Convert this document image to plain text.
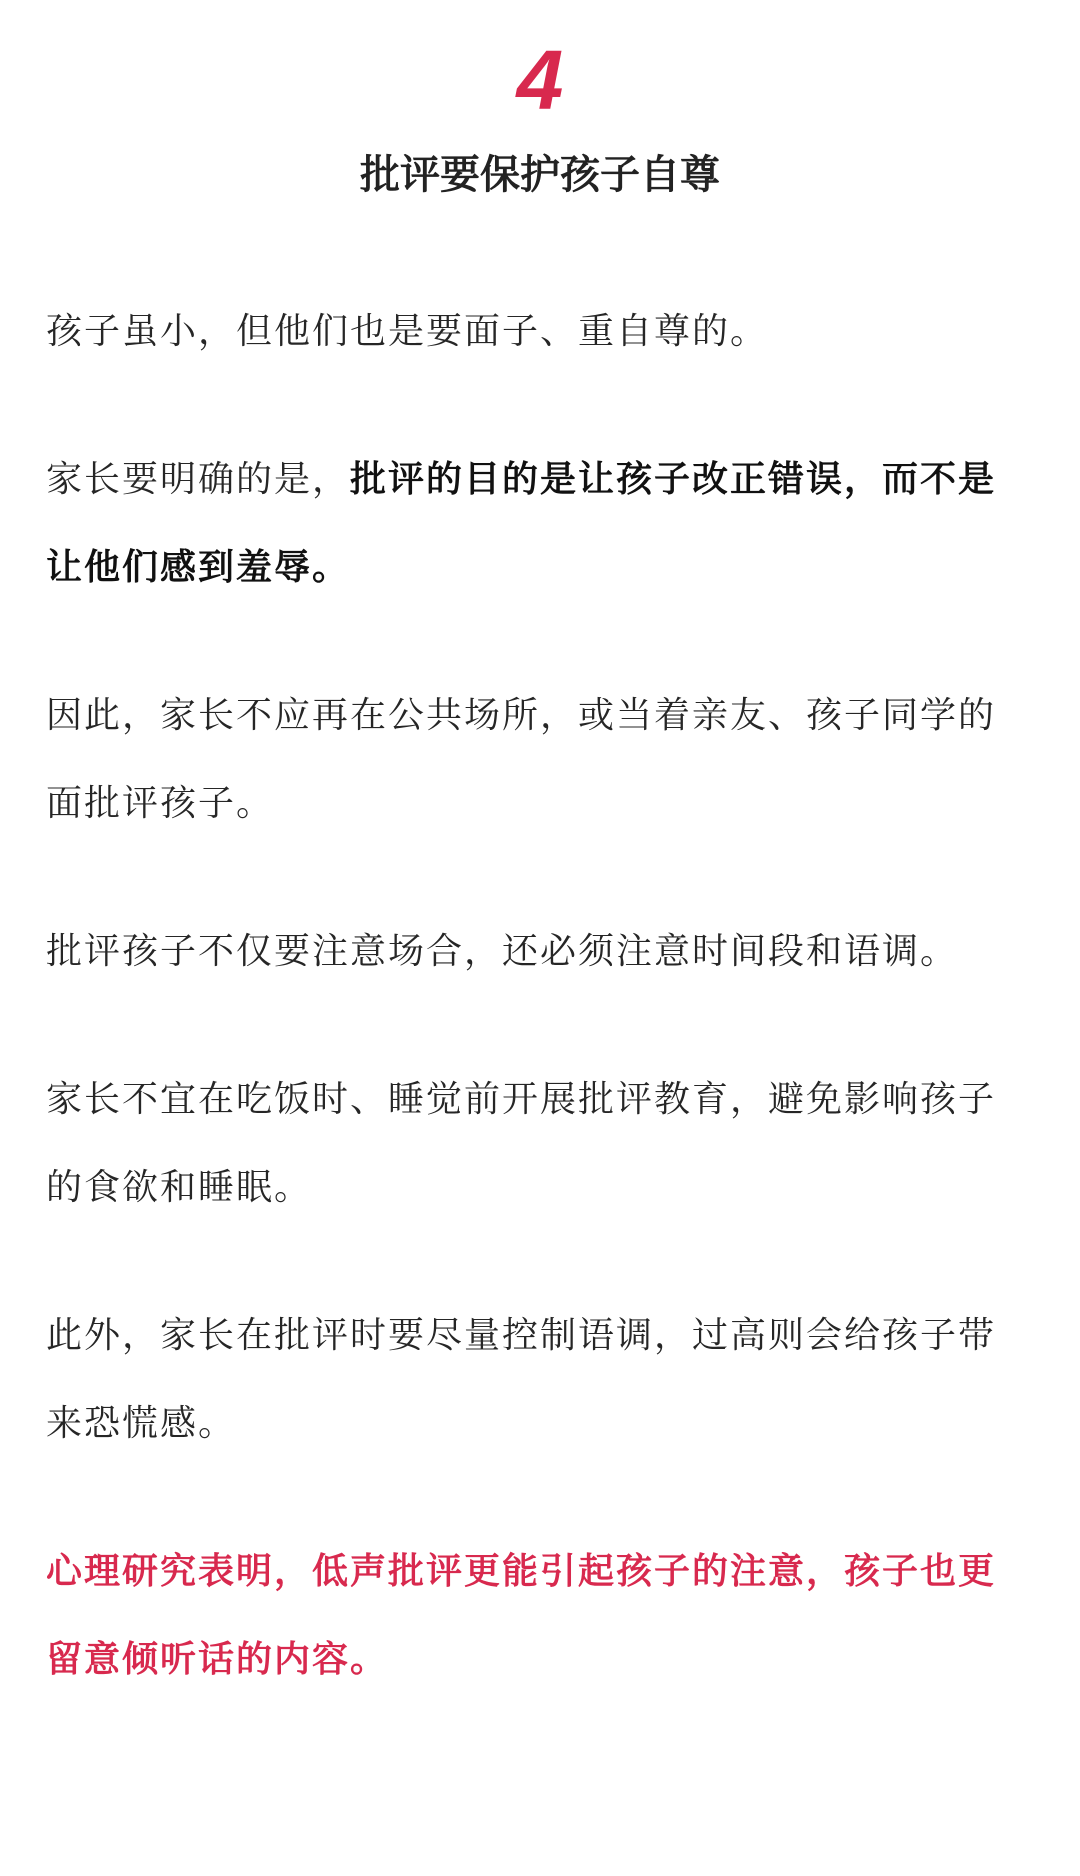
4
批评要保护孩子自尊

孩子虽小，但他们也是要面子、重自尊的。

家长要明确的是，批评的目的是让孩子改正错误，而不是让他们感到羞辱。

因此，家长不应再在公共场所，或当着亲友、孩子同学的面批评孩子。

批评孩子不仅要注意场合，还必须注意时间段和语调。

家长不宜在吃饭时、睡觉前开展批评教育，避免影响孩子的食欲和睡眠。

此外，家长在批评时要尽量控制语调，过高则会给孩子带来恐慌感。

心理研究表明，低声批评更能引起孩子的注意，孩子也更留意倾听话的内容。
